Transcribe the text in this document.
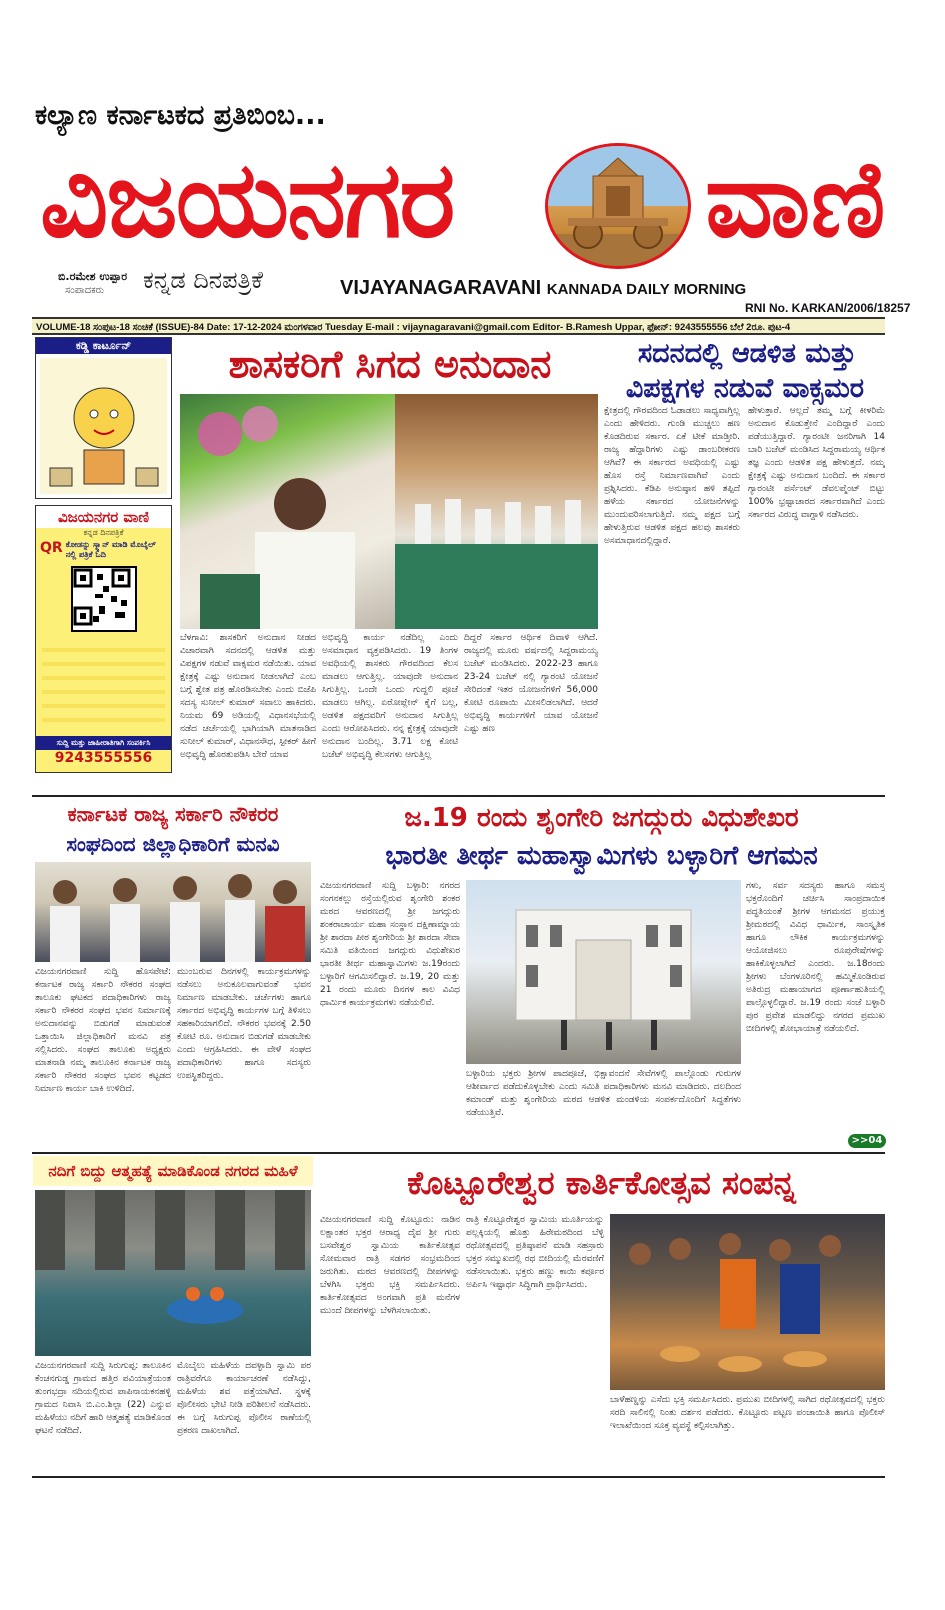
ಕಲ್ಯಾಣ ಕರ್ನಾಟಕದ ಪ್ರತಿಬಿಂಬ...
ವಿಜಯನಗರ ವಾಣಿ
ಬಿ.ರಮೇಶ ಉಪ್ಪಾರ
ಸಂಪಾದಕರು ಕನ್ನಡ ದಿನಪತ್ರಿಕೆ	VIJAYANAGARAVANI KANNADA DAILY MORNING
RNI No. KARKAN/2006/18257
VOLUME-18 ಸಂಪುಟ-18 ಸಂಚಿಕೆ (ISSUE)-84 Date: 17-12-2024 ಮಂಗಳವಾರ Tuesday E-mail : vijaynagaravani@gmail.com Editor- B.Ramesh Uppar, ಫೋನ್: 9243555556 ಬೆಲೆ 2ರೂ. ಪುಟ-4
ಕಡ್ಡಿ ಕಾರ್ಟೂನ್
ವಿಜಯನಗರ ವಾಣಿ
ಕನ್ನಡ ದಿನಪತ್ರಿಕೆ
QR ಕೋಡನ್ನು ಸ್ಕ್ಯಾನ್ ಮಾಡಿ ಮೊಬೈಲ್ ನಲ್ಲಿ ಪತ್ರಿಕೆ ಓದಿ
ಸುದ್ದಿ ಮತ್ತು ಜಾಹೀರಾತಿಗಾಗಿ ಸಂಪರ್ಕಿಸಿ
9243555556
ಶಾಸಕರಿಗೆ ಸಿಗದ ಅನುದಾನ	ಸದನದಲ್ಲಿ ಆಡಳಿತ ಮತ್ತು
ವಿಪಕ್ಷಗಳ ನಡುವೆ ವಾಕ್ಸಮರ
ಬೆಳಗಾವಿ: ಶಾಸಕರಿಗೆ ಅನುದಾನ ನೀಡದ ವಿಚಾರವಾಗಿ ಸದನದಲ್ಲಿ ಆಡಳಿತ ಮತ್ತು ವಿಪಕ್ಷಗಳ ನಡುವೆ ವಾಕ್ಸಮರ ನಡೆಯಿತು. ಯಾವ ಕ್ಷೇತ್ರಕ್ಕೆ ಎಷ್ಟು ಅನುದಾನ ನೀಡಲಾಗಿದೆ ಎಂಬ ಬಗ್ಗೆ ಶ್ವೇತ ಪತ್ರ ಹೊರಡಿಸಬೇಕು ಎಂದು ಬಿಜೆಪಿ ಸದಸ್ಯ ಸುನೀಲ್ ಕುಮಾರ್ ಸವಾಲು ಹಾಕಿದರು. ನಿಯಮ 69 ಅಡಿಯಲ್ಲಿ ವಿಧಾನಸಭೆಯಲ್ಲಿ ನಡೆದ ಚರ್ಚೆಯಲ್ಲಿ ಭಾಗಿಯಾಗಿ ಮಾತನಾಡಿದ ಸುನೀಲ್ ಕುಮಾರ್, ವಿಧಾನಸೌಧ, ಸ್ಪೀಕರ್ ಹೀಗೆ ಅಭಿವೃದ್ಧಿ ಹೊರತುಪಡಿಸಿ ಬೇರೆ ಯಾವ
ಅಭಿವೃದ್ಧಿ ಕಾರ್ಯ ನಡೆದಿಲ್ಲ ಎಂದು ಅಸಮಾಧಾನ ವ್ಯಕ್ತಪಡಿಸಿದರು. 19 ತಿಂಗಳ ಅವಧಿಯಲ್ಲಿ ಶಾಸಕರು ಗೌರವದಿಂದ ಕೆಲಸ ಮಾಡಲು ಆಗುತ್ತಿಲ್ಲ. ಯಾವುದೇ ಅನುದಾನ ಸಿಗುತ್ತಿಲ್ಲ. ಒಂದೇ ಒಂದು ಗುದ್ದಲಿ ಪೂಜೆ ಮಾಡಲು ಆಗಿಲ್ಲ. ಏರೋಪ್ಲೇನ್ ಕೈಗೆ ಬಲ್ಲ, ಅಡಳಿತ ಪಕ್ಷದವರಿಗೆ ಅನುದಾನ ಸಿಗುತ್ತಿಲ್ಲ ಎಂದು ಆರೋಪಿಸಿದರು. ನನ್ನ ಕ್ಷೇತ್ರಕ್ಕೆ ಯಾವುದೇ ಅನುದಾನ ಬಂದಿಲ್ಲ. 3.71 ಲಕ್ಷ ಕೋಟಿ ಬಜೆಟ್ ಅಭಿವೃದ್ಧಿ ಕೆಲಸಗಳು ಆಗುತ್ತಿಲ್ಲ
ದಿದ್ದರೆ ಸರ್ಕಾರ ಆರ್ಥಿಕ ದಿವಾಳಿ ಆಗಿದೆ. ರಾಜ್ಯದಲ್ಲಿ ಮೂರು ವರ್ಷದಲ್ಲಿ ಸಿದ್ದರಾಮಯ್ಯ ಬಜೆಟ್ ಮಂಡಿಸಿದರು. 2022-23 ಹಾಗೂ 23-24 ಬಜೆಟ್ ನಲ್ಲಿ ಗ್ಯಾರಂಟಿ ಯೋಜನೆ ಸೇರಿದಂತೆ ಇತರ ಯೋಜನೆಗಳಿಗೆ 56,000 ಕೋಟಿ ರೂಪಾಯಿ ಮೀಸಲಿಡಲಾಗಿದೆ. ಆದರೆ ಅಭಿವೃದ್ಧಿ ಕಾರ್ಯಗಳಿಗೆ ಯಾವ ಯೋಜನೆ ಎಷ್ಟು ಹಣ
ಕ್ಷೇತ್ರದಲ್ಲಿ ಗೌರವದಿಂದ ಓಡಾಡಲು ಸಾಧ್ಯವಾಗ್ತಿಲ್ಲ ಎಂದು ಹೇಳಿದರು. ಗುಂಡಿ ಮುಚ್ಚಲು ಹಣ ಕೊಡದಿರುವ ಸರ್ಕಾರ. ಏಕೆ ಟೀಕೆ ಮಾಡ್ತೀರಿ. ರಾಜ್ಯ ಹೆದ್ದಾರಿಗಳು ಎಷ್ಟು ಡಾಂಬರೀಕರಣ ಆಗಿವೆ? ಈ ಸರ್ಕಾರದ ಅವಧಿಯಲ್ಲಿ ಎಷ್ಟು ಹೊಸ ರಸ್ತೆ ನಿರ್ಮಾಣವಾಗಿವೆ ಎಂದು ಪ್ರಶ್ನಿಸಿದರು. ಕೆಡಿಪಿ ಅನುಷ್ಠಾನ ಹಳಿ ತಪ್ಪಿದೆ ಹಳೆಯ ಸರ್ಕಾರದ ಯೋಜನೆಗಳನ್ನು ಮುಂದುವರಿಸಲಾಗುತ್ತಿದೆ. ನಮ್ಮ ಪಕ್ಷದ ಬಗ್ಗೆ ಹೇಳುತ್ತಿರುವ ಆಡಳಿತ ಪಕ್ಷದ ಹಲವು ಶಾಸಕರು ಅಸಮಾಧಾನದಲ್ಲಿದ್ದಾರೆ.
ಹೇಳುತ್ತಾರೆ. ಆಲ್ಲದೆ ತಮ್ಮ ಬಗ್ಗೆ ಕೀಳರಿಮೆ ಅನುದಾನ ಕೊಡುತ್ತೇನೆ ಎಂದಿದ್ದಾರೆ ಎಂದು ಪಡೆಯುತ್ತಿದ್ದಾರೆ. ಗ್ಯಾರಂಟೀ ಜನರಿಗಾಗಿ 14 ಬಾರಿ ಬಜೆಟ್ ಮಂಡಿಸಿದ ಸಿದ್ದರಾಮಯ್ಯ ಆರ್ಥಿಕ ತಜ್ಞ ಎಂದು ಆಡಳಿತ ಪಕ್ಷ ಹೇಳುತ್ತದೆ. ನಮ್ಮ ಕ್ಷೇತ್ರಕ್ಕೆ ಎಷ್ಟು ಅನುದಾನ ಬಂದಿದೆ. ಈ ಸರ್ಕಾರ ಗ್ಯಾರಂಟೀ ಪರ್ಸೆಂಟ್ ಡೆವಲಪ್ಮೆಂಟ್ ಬಿಟ್ಟು 100% ಭ್ರಷ್ಟಾಚಾರದ ಸರ್ಕಾರವಾಗಿದೆ ಎಂದು ಸರ್ಕಾರದ ವಿರುದ್ಧ ವಾಗ್ದಾಳಿ ನಡೆಸಿದರು.
ಕರ್ನಾಟಕ ರಾಜ್ಯ ಸರ್ಕಾರಿ ನೌಕರರ
ಸಂಘದಿಂದ ಜಿಲ್ಲಾಧಿಕಾರಿಗೆ ಮನವಿ
ವಿಜಯನಗರವಾಣಿ ಸುದ್ದಿ ಹೊಸಪೇಟೆ: ಕರ್ನಾಟಕ ರಾಜ್ಯ ಸರ್ಕಾರಿ ನೌಕರರ ಸಂಘದ ತಾಲೂಕು ಘಟಕದ ಪದಾಧಿಕಾರಿಗಳು ರಾಜ್ಯ ಸರ್ಕಾರಿ ನೌಕರರ ಸಂಘದ ಭವನ ನಿರ್ಮಾಣಕ್ಕೆ ಅನುದಾನವನ್ನು ಬಿಡುಗಡೆ ಮಾಡುವಂತೆ ಒತ್ತಾಯಿಸಿ ಜಿಲ್ಲಾಧಿಕಾರಿಗೆ ಮನವಿ ಪತ್ರ ಸಲ್ಲಿಸಿದರು. ಸಂಘದ ತಾಲೂಕು ಅಧ್ಯಕ್ಷರು ಮಾತನಾಡಿ ನಮ್ಮ ತಾಲೂಕಿನ ಕರ್ನಾಟಕ ರಾಜ್ಯ ಸರ್ಕಾರಿ ನೌಕರರ ಸಂಘದ ಭವನ ಕಟ್ಟಡದ ನಿರ್ಮಾಣ ಕಾರ್ಯ ಬಾಕಿ ಉಳಿದಿದೆ.
ಮುಂಬರುವ ದಿನಗಳಲ್ಲಿ ಕಾರ್ಯಕ್ರಮಗಳನ್ನು ನಡೆಸಲು ಅನುಕೂಲವಾಗುವಂತೆ ಭವನ ನಿರ್ಮಾಣ ಮಾಡಬೇಕು. ಚರ್ಚೆಗಳು ಹಾಗೂ ಸರ್ಕಾರದ ಅಭಿವೃದ್ಧಿ ಕಾರ್ಯಗಳ ಬಗ್ಗೆ ತಿಳಿಸಲು ಸಹಕಾರಿಯಾಗಲಿದೆ. ನೌಕರರ ಭವನಕ್ಕೆ 2.50 ಕೋಟಿ ರೂ. ಅನುದಾನ ಬಿಡುಗಡೆ ಮಾಡಬೇಕು ಎಂದು ಆಗ್ರಹಿಸಿದರು. ಈ ವೇಳೆ ಸಂಘದ ಪದಾಧಿಕಾರಿಗಳು ಹಾಗೂ ಸದಸ್ಯರು ಉಪಸ್ಥಿತರಿದ್ದರು.
ಜ.19 ರಂದು ಶೃಂಗೇರಿ ಜಗದ್ಗುರು ವಿಧುಶೇಖರ
ಭಾರತೀ ತೀರ್ಥ ಮಹಾಸ್ವಾಮಿಗಳು ಬಳ್ಳಾರಿಗೆ ಆಗಮನ
ವಿಜಯನಗರವಾಣಿ ಸುದ್ದಿ ಬಳ್ಳಾರಿ: ನಗರದ ಸಂಗನಕಲ್ಲು ರಸ್ತೆಯಲ್ಲಿರುವ ಶೃಂಗೇರಿ ಶಂಕರ ಮಠದ ಆವರಣದಲ್ಲಿ ಶ್ರೀ ಜಗದ್ಗುರು ಶಂಕರಾಚಾರ್ಯ ಮಹಾ ಸಂಸ್ಥಾನ ದಕ್ಷಿಣಾಮ್ನಾಯ ಶ್ರೀ ಶಾರದಾ ಪೀಠ ಶೃಂಗೇರಿಯ ಶ್ರೀ ಶಾರದಾ ಸೇವಾ ಸಮಿತಿ ವತಿಯಿಂದ ಜಗದ್ಗುರು ವಿಧುಶೇಖರ ಭಾರತೀ ತೀರ್ಥ ಮಹಾಸ್ವಾಮಿಗಳು ಜ.19ರಂದು ಬಳ್ಳಾರಿಗೆ ಆಗಮಿಸಲಿದ್ದಾರೆ. ಜ.19, 20 ಮತ್ತು 21 ರಂದು ಮೂರು ದಿನಗಳ ಕಾಲ ವಿವಿಧ ಧಾರ್ಮಿಕ ಕಾರ್ಯಕ್ರಮಗಳು ನಡೆಯಲಿವೆ.
ಗಳು, ಸರ್ವ ಸದಸ್ಯರು ಹಾಗೂ ಸಮಸ್ತ ಭಕ್ತರೊಂದಿಗೆ ಚರ್ಚಿಸಿ ಸಾಂಪ್ರದಾಯಿಕ ಪದ್ಧತಿಯಂತೆ ಶ್ರೀಗಳ ಆಗಮನದ ಪ್ರಯುಕ್ತ ಶ್ರೀಮಠದಲ್ಲಿ ವಿವಿಧ ಧಾರ್ಮಿಕ, ಸಾಂಸ್ಕೃತಿಕ ಹಾಗೂ ಲೌಕಿಕ ಕಾರ್ಯಕ್ರಮಗಳನ್ನು ಆಯೋಜಿಸಲು ರೂಪುರೇಷೆಗಳನ್ನು ಹಾಕಿಕೊಳ್ಳಲಾಗಿದೆ ಎಂದರು. ಜ.18ರಂದು ಶ್ರೀಗಳು ಬೆಂಗಳೂರಿನಲ್ಲಿ ಹಮ್ಮಿಕೊಂಡಿರುವ ಅತಿರುದ್ರ ಮಹಾಯಾಗದ ಪೂರ್ಣಾಹುತಿಯಲ್ಲಿ ಪಾಲ್ಗೊಳ್ಳಲಿದ್ದಾರೆ. ಜ.19 ರಂದು ಸಂಜೆ ಬಳ್ಳಾರಿ ಪುರ ಪ್ರವೇಶ ಮಾಡಲಿದ್ದು ನಗರದ ಪ್ರಮುಖ ಬೀದಿಗಳಲ್ಲಿ ಶೋಭಾಯಾತ್ರೆ ನಡೆಯಲಿದೆ.
ಬಳ್ಳಾರಿಯ ಭಕ್ತರು ಶ್ರೀಗಳ ಪಾದಪೂಜೆ, ಭಿಕ್ಷಾವಂದನೆ ಸೇವೆಗಳಲ್ಲಿ ಪಾಲ್ಗೊಂಡು ಗುರುಗಳ ಆಶೀರ್ವಾದ ಪಡೆದುಕೊಳ್ಳಬೇಕು ಎಂದು ಸಮಿತಿ ಪದಾಧಿಕಾರಿಗಳು ಮನವಿ ಮಾಡಿದರು. ದಲದಿಂದ ಕಮಾಂಡ್ ಮತ್ತು ಶೃಂಗೇರಿಯ ಮಠದ ಆಡಳಿತ ಮಂಡಳಿಯ ಸಂಪರ್ಕದೊಂದಿಗೆ ಸಿದ್ಧತೆಗಳು ನಡೆಯುತ್ತಿವೆ.
>>04
ನದಿಗೆ ಬಿದ್ದು ಆತ್ಮಹತ್ಯೆ ಮಾಡಿಕೊಂಡ ನಗರದ ಮಹಿಳೆ
ವಿಜಯನಗರವಾಣಿ ಸುದ್ದಿ ಸಿರುಗುಪ್ಪ: ತಾಲೂಕಿನ ಕೆಂಚನಗುಡ್ಡ ಗ್ರಾಮದ ಹತ್ತಿರ ಪವಿಯಾತ್ರೆಯಂತ ತುಂಗಭದ್ರಾ ನದಿಯಲ್ಲಿರುವ ಪಾಪಿನಾಯಕನಹಳ್ಳಿ ಗ್ರಾಮದ ನಿವಾಸಿ ಬಿ.ಎಂ.ಶಿಲ್ಪಾ (22) ಎನ್ನುವ ಮಹಿಳೆಯು ನದಿಗೆ ಹಾರಿ ಆತ್ಮಹತ್ಯೆ ಮಾಡಿಕೊಂಡ ಘಟನೆ ನಡೆದಿದೆ.
ಮೊಬೈಲು ಮಹಿಳೆಯ ದವಳ್ಳಾದಿ ಸ್ವಾಮಿ ಪರ ರಾತ್ರಿವರೆಗೂ ಕಾರ್ಯಾಚರಣೆ ನಡೆಸಿದ್ದು, ಮಹಿಳೆಯ ಶವ ಪತ್ತೆಯಾಗಿದೆ. ಸ್ಥಳಕ್ಕೆ ಪೊಲೀಸರು ಭೇಟಿ ನೀಡಿ ಪರಿಶೀಲನೆ ನಡೆಸಿದರು. ಈ ಬಗ್ಗೆ ಸಿರುಗುಪ್ಪ ಪೊಲೀಸ ಠಾಣೆಯಲ್ಲಿ ಪ್ರಕರಣ ದಾಖಲಾಗಿದೆ.
ಕೊಟ್ಟೂರೇಶ್ವರ ಕಾರ್ತಿಕೋತ್ಸವ ಸಂಪನ್ನ
ವಿಜಯನಗರವಾಣಿ ಸುದ್ದಿ ಕೊಟ್ಟೂರು: ನಾಡಿನ ಲಕ್ಷಾಂತರ ಭಕ್ತರ ಆರಾಧ್ಯ ದೈವ ಶ್ರೀ ಗುರು ಬಸವೇಶ್ವರ ಸ್ವಾಮಿಯ ಕಾರ್ತಿಕೋತ್ಸವ ಸೋಮವಾರ ರಾತ್ರಿ ಸಡಗರ ಸಂಭ್ರಮದಿಂದ ಜರುಗಿತು. ಮಠದ ಆವರಣದಲ್ಲಿ ದೀಪಗಳನ್ನು ಬೆಳಗಿಸಿ ಭಕ್ತರು ಭಕ್ತಿ ಸಮರ್ಪಿಸಿದರು. ಕಾರ್ತಿಕೋತ್ಸವದ ಅಂಗವಾಗಿ ಪ್ರತಿ ಮನೆಗಳ ಮುಂದೆ ದೀಪಗಳನ್ನು ಬೆಳಗಿಸಲಾಯಿತು.
ರಾತ್ರಿ ಕೊಟ್ಟೂರೇಶ್ವರ ಸ್ವಾಮಿಯ ಮೂರ್ತಿಯನ್ನು ಪಲ್ಲಕ್ಕಿಯಲ್ಲಿ ಹೊತ್ತು ಹಿರೇಮಠದಿಂದ ಬೆಳ್ಳಿ ರಥೋತ್ಸವದಲ್ಲಿ ಪ್ರತಿಷ್ಠಾಪನೆ ಮಾಡಿ ಸಹಸ್ರಾರು ಭಕ್ತರ ಸಮ್ಮುಖದಲ್ಲಿ ರಥ ಬೀದಿಯಲ್ಲಿ ಮೆರವಣಿಗೆ ನಡೆಸಲಾಯಿತು. ಭಕ್ತರು ಹಣ್ಣು ಕಾಯಿ ಕರ್ಪೂರ ಅರ್ಪಿಸಿ ಇಷ್ಟಾರ್ಥ ಸಿದ್ಧಿಗಾಗಿ ಪ್ರಾರ್ಥಿಸಿದರು.
ಬಾಳೆಹಣ್ಣನ್ನು ಎಸೆದು ಭಕ್ತಿ ಸಮರ್ಪಿಸಿದರು. ಪ್ರಮುಖ ಬೀದಿಗಳಲ್ಲಿ ಸಾಗಿದ ರಥೋತ್ಸವದಲ್ಲಿ ಭಕ್ತರು ಸರದಿ ಸಾಲಿನಲ್ಲಿ ನಿಂತು ದರ್ಶನ ಪಡೆದರು. ಕೊಟ್ಟೂರು ಪಟ್ಟಣ ಪಂಚಾಯಿತಿ ಹಾಗೂ ಪೊಲೀಸ್ ಇಲಾಖೆಯಿಂದ ಸೂಕ್ತ ವ್ಯವಸ್ಥೆ ಕಲ್ಪಿಸಲಾಗಿತ್ತು.
